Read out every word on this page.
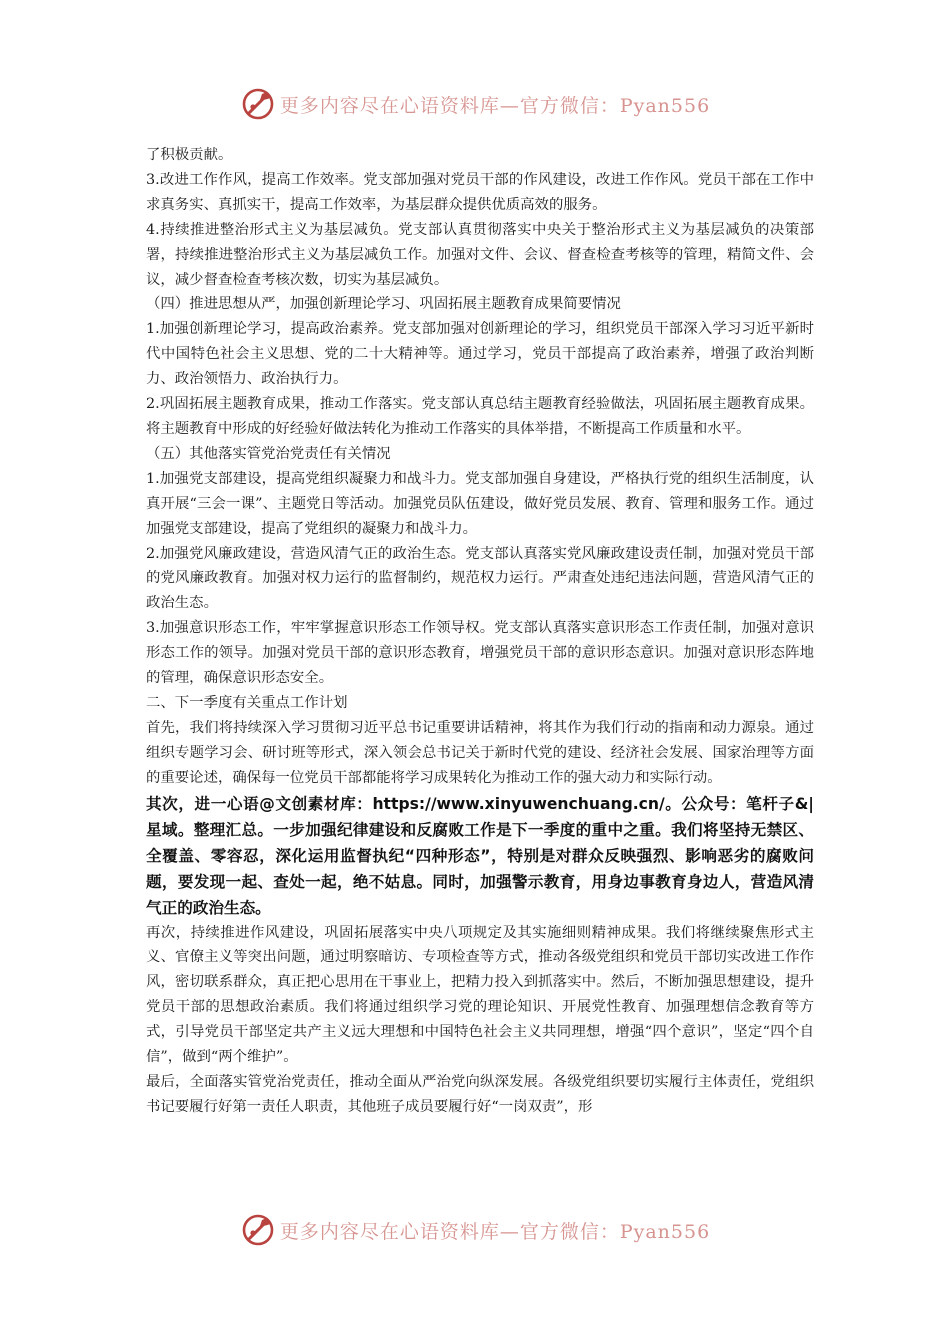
更多内容尽在心语资料库—官方微信：Pyan556

了积极贡献。

3.改进工作作风，提高工作效率。党支部加强对党员干部的作风建设，改进工作作风。党员干部在工作中求真务实、真抓实干，提高工作效率，为基层群众提供优质高效的服务。

4.持续推进整治形式主义为基层减负。党支部认真贯彻落实中央关于整治形式主义为基层减负的决策部署，持续推进整治形式主义为基层减负工作。加强对文件、会议、督查检查考核等的管理，精简文件、会议，减少督查检查考核次数，切实为基层减负。

（四）推进思想从严，加强创新理论学习、巩固拓展主题教育成果简要情况

1.加强创新理论学习，提高政治素养。党支部加强对创新理论的学习，组织党员干部深入学习习近平新时代中国特色社会主义思想、党的二十大精神等。通过学习，党员干部提高了政治素养，增强了政治判断力、政治领悟力、政治执行力。

2.巩固拓展主题教育成果，推动工作落实。党支部认真总结主题教育经验做法，巩固拓展主题教育成果。将主题教育中形成的好经验好做法转化为推动工作落实的具体举措，不断提高工作质量和水平。

（五）其他落实管党治党责任有关情况

1.加强党支部建设，提高党组织凝聚力和战斗力。党支部加强自身建设，严格执行党的组织生活制度，认真开展“三会一课”、主题党日等活动。加强党员队伍建设，做好党员发展、教育、管理和服务工作。通过加强党支部建设，提高了党组织的凝聚力和战斗力。

2.加强党风廉政建设，营造风清气正的政治生态。党支部认真落实党风廉政建设责任制，加强对党员干部的党风廉政教育。加强对权力运行的监督制约，规范权力运行。严肃查处违纪违法问题，营造风清气正的政治生态。

3.加强意识形态工作，牢牢掌握意识形态工作领导权。党支部认真落实意识形态工作责任制，加强对意识形态工作的领导。加强对党员干部的意识形态教育，增强党员干部的意识形态意识。加强对意识形态阵地的管理，确保意识形态安全。

二、下一季度有关重点工作计划

首先，我们将持续深入学习贯彻习近平总书记重要讲话精神，将其作为我们行动的指南和动力源泉。通过组织专题学习会、研讨班等形式，深入领会总书记关于新时代党的建设、经济社会发展、国家治理等方面的重要论述，确保每一位党员干部都能将学习成果转化为推动工作的强大动力和实际行动。

其次，进一心语@文创素材库：https://www.xinyuwenchuang.cn/。公众号：笔杆子&|星域。整理汇总。一步加强纪律建设和反腐败工作是下一季度的重中之重。我们将坚持无禁区、全覆盖、零容忍，深化运用监督执纪“四种形态”，特别是对群众反映强烈、影响恶劣的腐败问题，要发现一起、查处一起，绝不姑息。同时，加强警示教育，用身边事教育身边人，营造风清气正的政治生态。

再次，持续推进作风建设，巩固拓展落实中央八项规定及其实施细则精神成果。我们将继续聚焦形式主义、官僚主义等突出问题，通过明察暗访、专项检查等方式，推动各级党组织和党员干部切实改进工作作风，密切联系群众，真正把心思用在干事业上，把精力投入到抓落实中。然后，不断加强思想建设，提升党员干部的思想政治素质。我们将通过组织学习党的理论知识、开展党性教育、加强理想信念教育等方式，引导党员干部坚定共产主义远大理想和中国特色社会主义共同理想，增强“四个意识”，坚定“四个自信”，做到“两个维护”。

最后，全面落实管党治党责任，推动全面从严治党向纵深发展。各级党组织要切实履行主体责任，党组织书记要履行好第一责任人职责，其他班子成员要履行好“一岗双责”，形

更多内容尽在心语资料库—官方微信：Pyan556
